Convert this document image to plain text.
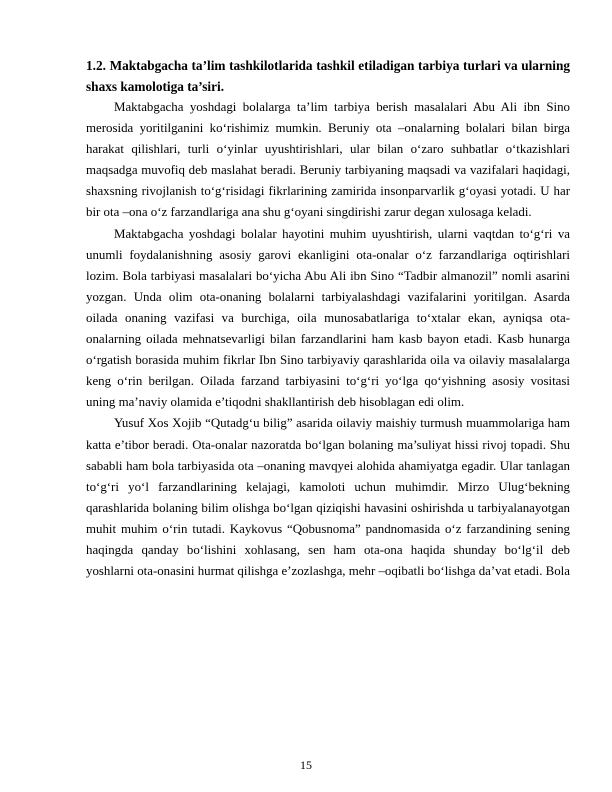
1.2. Maktabgacha ta’lim tashkilotlarida tashkil etiladigan tarbiya turlari va ularning shaxs kamolotiga ta’siri.

Maktabgacha yoshdagi bolalarga ta’lim tarbiya berish masalalari Abu Ali ibn Sino merosida yoritilganini ko‘rishimiz mumkin. Beruniy ota –onalarning bolalari bilan birga harakat qilishlari, turli o‘yinlar uyushtirishlari, ular bilan o‘zaro suhbatlar o‘tkazishlari maqsadga muvofiq deb maslahat beradi. Beruniy tarbiyaning maqsadi va vazifalari haqidagi, shaxsning rivojlanish to‘g‘risidagi fikrlarining zamirida insonparvarlik g‘oyasi yotadi. U har bir ota –ona o‘z farzandlariga ana shu g‘oyani singdirishi zarur degan xulosaga keladi.

Maktabgacha yoshdagi bolalar hayotini muhim uyushtirish, ularni vaqtdan to‘g‘ri va unumli foydalanishning asosiy garovi ekanligini ota-onalar o‘z farzandlariga oqtirishlari lozim. Bola tarbiyasi masalalari bo‘yicha Abu Ali ibn Sino “Tadbir almanozil” nomli asarini yozgan. Unda olim ota-onaning bolalarni tarbiyalashdagi vazifalarini yoritilgan. Asarda oilada onaning vazifasi va burchiga, oila munosabatlariga to‘xtalar ekan, ayniqsa ota-onalarning oilada mehnatsevarligi bilan farzandlarini ham kasb bayon etadi. Kasb hunarga o‘rgatish borasida muhim fikrlar Ibn Sino tarbiyaviy qarashlarida oila va oilaviy masalalarga keng o‘rin berilgan. Oilada farzand tarbiyasini to‘g‘ri yo‘lga qo‘yishning asosiy vositasi uning ma’naviy olamida e’tiqodni shakllantirish deb hisoblagan edi olim.

Yusuf Xos Xojib “Qutadg‘u bilig” asarida oilaviy maishiy turmush muammolariga ham katta e’tibor beradi. Ota-onalar nazoratda bo‘lgan bolaning ma’suliyat hissi rivoj topadi. Shu sababli ham bola tarbiyasida ota –onaning mavqyei alohida ahamiyatga egadir. Ular tanlagan to‘g‘ri yo‘l farzandlarining kelajagi, kamoloti uchun muhimdir. Mirzo Ulug‘bekning qarashlarida bolaning bilim olishga bo‘lgan qiziqishi havasini oshirishda u tarbiyalanayotgan muhit muhim o‘rin tutadi. Kaykovus “Qobusnoma” pandnomasida o‘z farzandining sening haqingda qanday bo‘lishini xohlasang, sen ham ota-ona haqida shunday bo‘lg‘il deb yoshlarni ota-onasini hurmat qilishga e’zozlashga, mehr –oqibatli bo‘lishga da’vat etadi. Bola

15
